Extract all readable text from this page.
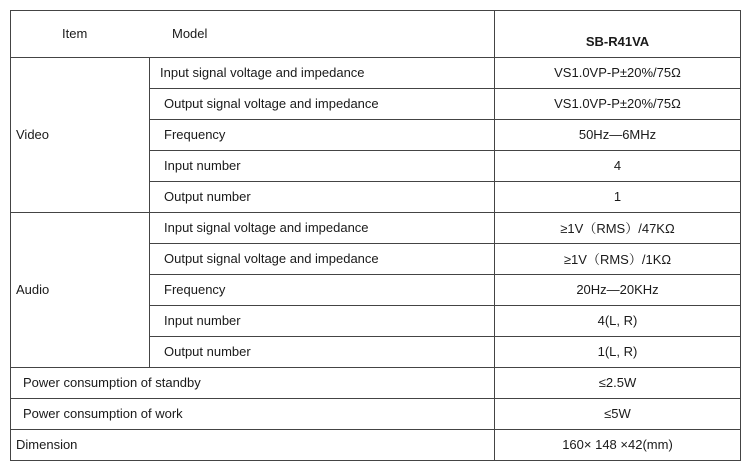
Item	Model
SB-R41VA
Video
Input signal voltage and impedance	VS1.0VP-P±20%/75Ω
Output signal voltage and impedance	VS1.0VP-P±20%/75Ω
Frequency	50Hz—6MHz
Input number	4
Output number	1
Audio
Input signal voltage and impedance	≥1V（RMS）/47KΩ
Output signal voltage and impedance	≥1V（RMS）/1KΩ
Frequency	20Hz—20KHz
Input number	4(L, R)
Output number	1(L, R)
Power consumption of standby	≤2.5W
Power consumption of work	≤5W
Dimension	160× 148 ×42(mm)
